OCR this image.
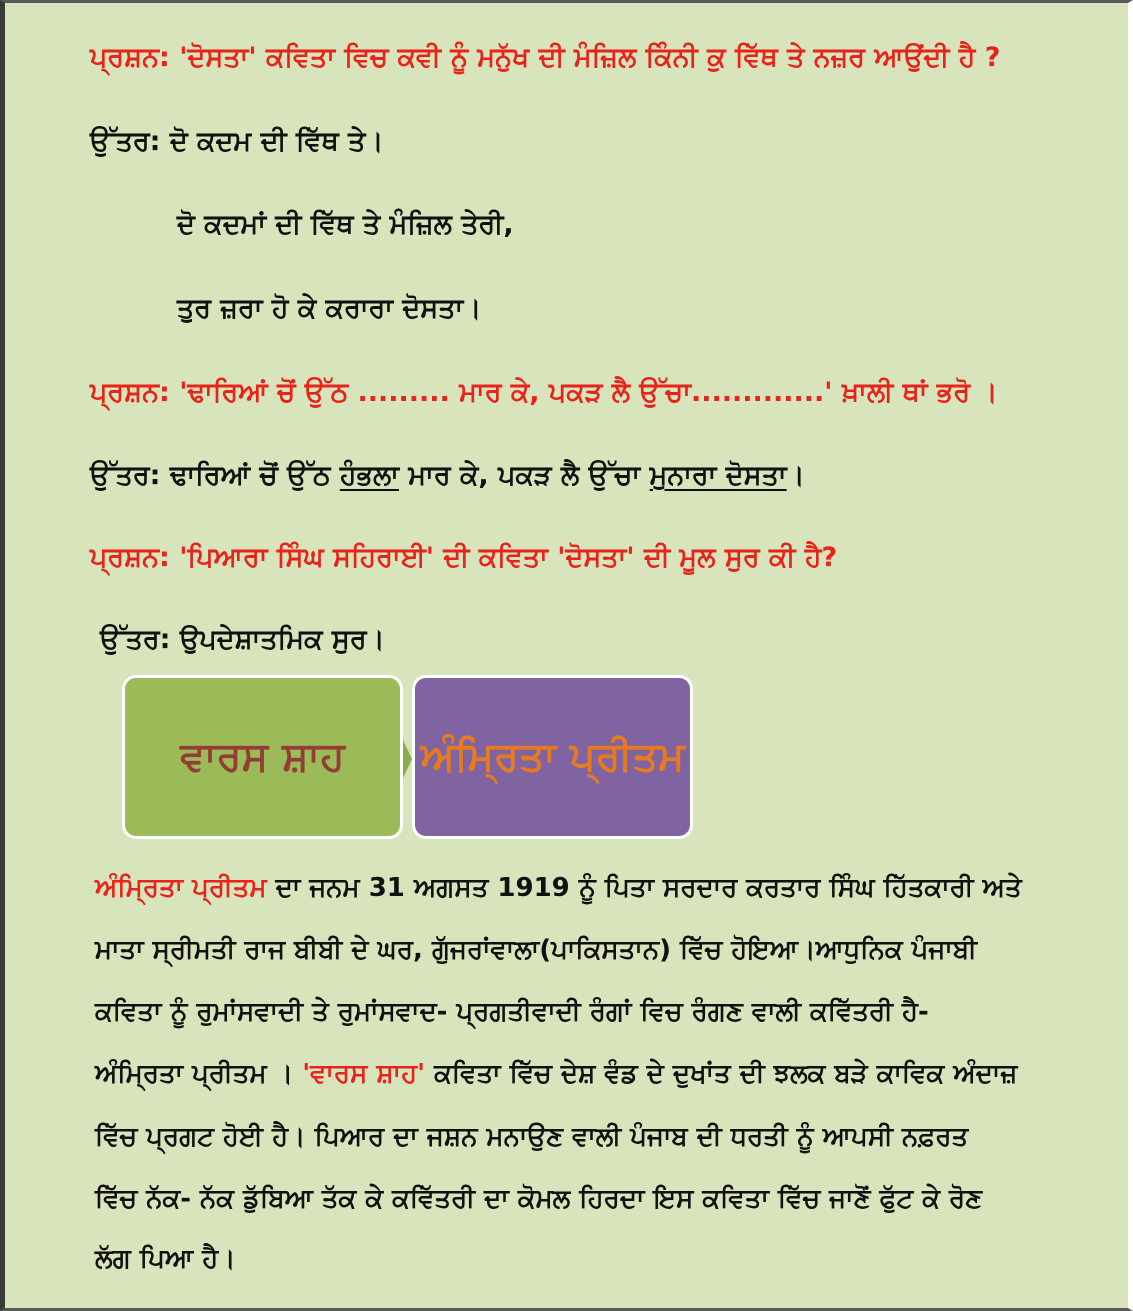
ਪ੍ਰਸ਼ਨ: 'ਦੋਸਤਾ' ਕਵਿਤਾ ਵਿਚ ਕਵੀ ਨੂੰ ਮਨੁੱਖ ਦੀ ਮੰਜ਼ਿਲ ਕਿੰਨੀ ਕੁ ਵਿੱਥ ਤੇ ਨਜ਼ਰ ਆਉਂਦੀ ਹੈ ?
ਉੱਤਰ: ਦੋ ਕਦਮ ਦੀ ਵਿੱਥ ਤੇ।
ਦੋ ਕਦਮਾਂ ਦੀ ਵਿੱਥ ਤੇ ਮੰਜ਼ਿਲ ਤੇਰੀ,
ਤੁਰ ਜ਼ਰਾ ਹੋ ਕੇ ਕਰਾਰਾ ਦੋਸਤਾ।
ਪ੍ਰਸ਼ਨ: 'ਢਾਰਿਆਂ ਚੋਂ ਉੱਠ ......... ਮਾਰ ਕੇ, ਪਕੜ ਲੈ ਉੱਚਾ.............' ਖ਼ਾਲੀ ਥਾਂ ਭਰੋ ।
ਉੱਤਰ: ਢਾਰਿਆਂ ਚੋਂ ਉੱਠ ਹੰਭਲਾ ਮਾਰ ਕੇ, ਪਕੜ ਲੈ ਉੱਚਾ ਮੁਨਾਰਾ ਦੋਸਤਾ।
ਪ੍ਰਸ਼ਨ: 'ਪਿਆਰਾ ਸਿੰਘ ਸਹਿਰਾਈ' ਦੀ ਕਵਿਤਾ 'ਦੋਸਤਾ' ਦੀ ਮੂਲ ਸੁਰ ਕੀ ਹੈ?
ਉੱਤਰ: ਉਪਦੇਸ਼ਾਤਮਿਕ ਸੁਰ।
ਵਾਰਸ ਸ਼ਾਹ ਅੰਮ੍ਰਿਤਾ ਪ੍ਰੀਤਮ
ਅੰਮ੍ਰਿਤਾ ਪ੍ਰੀਤਮ ਦਾ ਜਨਮ 31 ਅਗਸਤ 1919 ਨੂੰ ਪਿਤਾ ਸਰਦਾਰ ਕਰਤਾਰ ਸਿੰਘ ਹਿੱਤਕਾਰੀ ਅਤੇ
ਮਾਤਾ ਸ੍ਰੀਮਤੀ ਰਾਜ ਬੀਬੀ ਦੇ ਘਰ, ਗੁੱਜਰਾਂਵਾਲਾ(ਪਾਕਿਸਤਾਨ) ਵਿੱਚ ਹੋਇਆ।ਆਧੁਨਿਕ ਪੰਜਾਬੀ
ਕਵਿਤਾ ਨੂੰ ਰੁਮਾਂਸਵਾਦੀ ਤੇ ਰੁਮਾਂਸਵਾਦ- ਪ੍ਰਗਤੀਵਾਦੀ ਰੰਗਾਂ ਵਿਚ ਰੰਗਣ ਵਾਲੀ ਕਵਿੱਤਰੀ ਹੈ-
ਅੰਮ੍ਰਿਤਾ ਪ੍ਰੀਤਮ । 'ਵਾਰਸ ਸ਼ਾਹ' ਕਵਿਤਾ ਵਿੱਚ ਦੇਸ਼ ਵੰਡ ਦੇ ਦੁਖਾਂਤ ਦੀ ਝਲਕ ਬੜੇ ਕਾਵਿਕ ਅੰਦਾਜ਼
ਵਿੱਚ ਪ੍ਰਗਟ ਹੋਈ ਹੈ। ਪਿਆਰ ਦਾ ਜਸ਼ਨ ਮਨਾਉਣ ਵਾਲੀ ਪੰਜਾਬ ਦੀ ਧਰਤੀ ਨੂੰ ਆਪਸੀ ਨਫ਼ਰਤ
ਵਿੱਚ ਨੱਕ- ਨੱਕ ਡੁੱਬਿਆ ਤੱਕ ਕੇ ਕਵਿੱਤਰੀ ਦਾ ਕੋਮਲ ਹਿਰਦਾ ਇਸ ਕਵਿਤਾ ਵਿੱਚ ਜਾਣੋਂ ਫੁੱਟ ਕੇ ਰੋਣ
ਲੱਗ ਪਿਆ ਹੈ।
